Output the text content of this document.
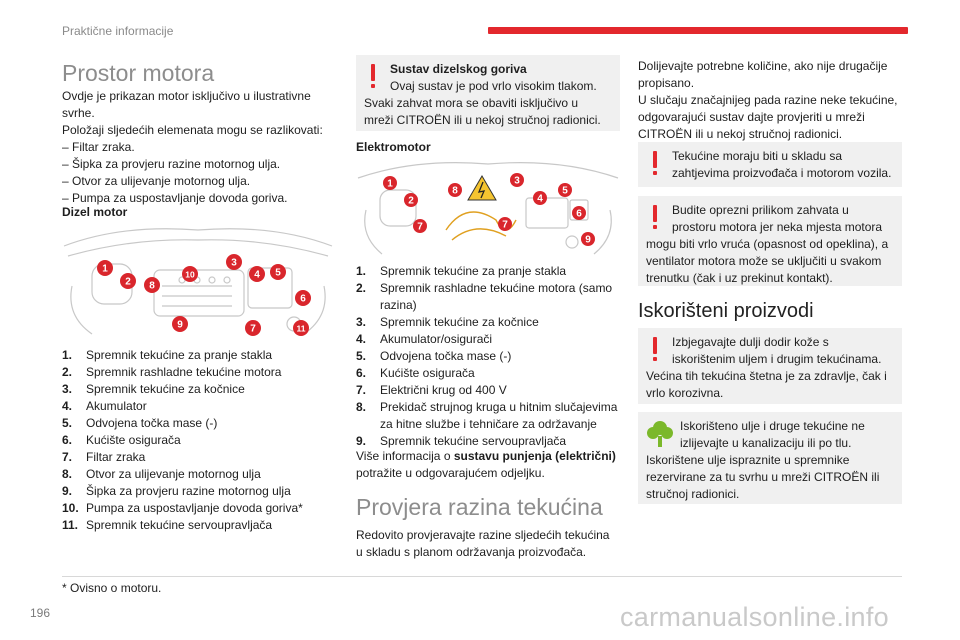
Praktične informacije
Prostor motora
Ovdje je prikazan motor isključivo u ilustrativne
svrhe.
Položaji sljedećih elemenata mogu se razlikovati:
– Filtar zraka.
– Šipka za provjeru razine motornog ulja.
– Otvor za ulijevanje motornog ulja.
– Pumpa za uspostavljanje dovoda goriva.
Dizel motor
1
2 8
10
3
4 5
6
9	7	11
1.	Spremnik tekućine za pranje stakla
2.	Spremnik rashladne tekućine motora
3.	Spremnik tekućine za kočnice
4.	Akumulator
5.	Odvojena točka mase (-)
6.	Kućište osigurača
7.	Filtar zraka
8.	Otvor za ulijevanje motornog ulja
9.	Šipka za provjeru razine motornog ulja
10. Pumpa za uspostavljanje dovoda goriva*
11. Spremnik tekućine servoupravljača
Sustav dizelskog goriva
Ovaj sustav je pod vrlo visokim tlakom.
Svaki zahvat mora se obaviti isključivo u
mreži CITROËN ili u nekoj stručnoj radionici.
Elektromotor
1
2
8
3
4
5
6
7	7
9
1.	Spremnik tekućine za pranje stakla
2.	Spremnik rashladne tekućine motora (samo razina)
3.	Spremnik tekućine za kočnice
4.	Akumulator/osigurači
5.	Odvojena točka mase (-)
6.	Kućište osigurača
7.	Električni krug od 400 V
8.	Prekidač strujnog kruga u hitnim slučajevima za hitne službe i tehničare za održavanje
9.	Spremnik tekućine servoupravljača
Više informacija o sustavu punjenja (električni)
potražite u odgovarajućem odjeljku.
Provjera razina tekućina
Redovito provjeravajte razine sljedećih tekućina
u skladu s planom održavanja proizvođača.
Dolijevajte potrebne količine, ako nije drugačije
propisano.
U slučaju značajnijeg pada razine neke tekućine,
odgovarajući sustav dajte provjeriti u mreži
CITROËN ili u nekoj stručnoj radionici.
Tekućine moraju biti u skladu sa
zahtjevima proizvođača i motorom vozila.
Budite oprezni prilikom zahvata u
prostoru motora jer neka mjesta motora
mogu biti vrlo vruća (opasnost od opeklina), a
ventilator motora može se uključiti u svakom
trenutku (čak i uz prekinut kontakt).
Iskorišteni proizvodi
Izbjegavajte dulji dodir kože s
iskorištenim uljem i drugim tekućinama.
Većina tih tekućina štetna je za zdravlje, čak i
vrlo korozivna.
Iskorišteno ulje i druge tekućine ne
izlijevajte u kanalizaciju ili po tlu.
Iskorištene ulje ispraznite u spremnike
rezervirane za tu svrhu u mreži CITROËN ili
stručnoj radionici.
* Ovisno o motoru.
196	carmanualsonline.info
